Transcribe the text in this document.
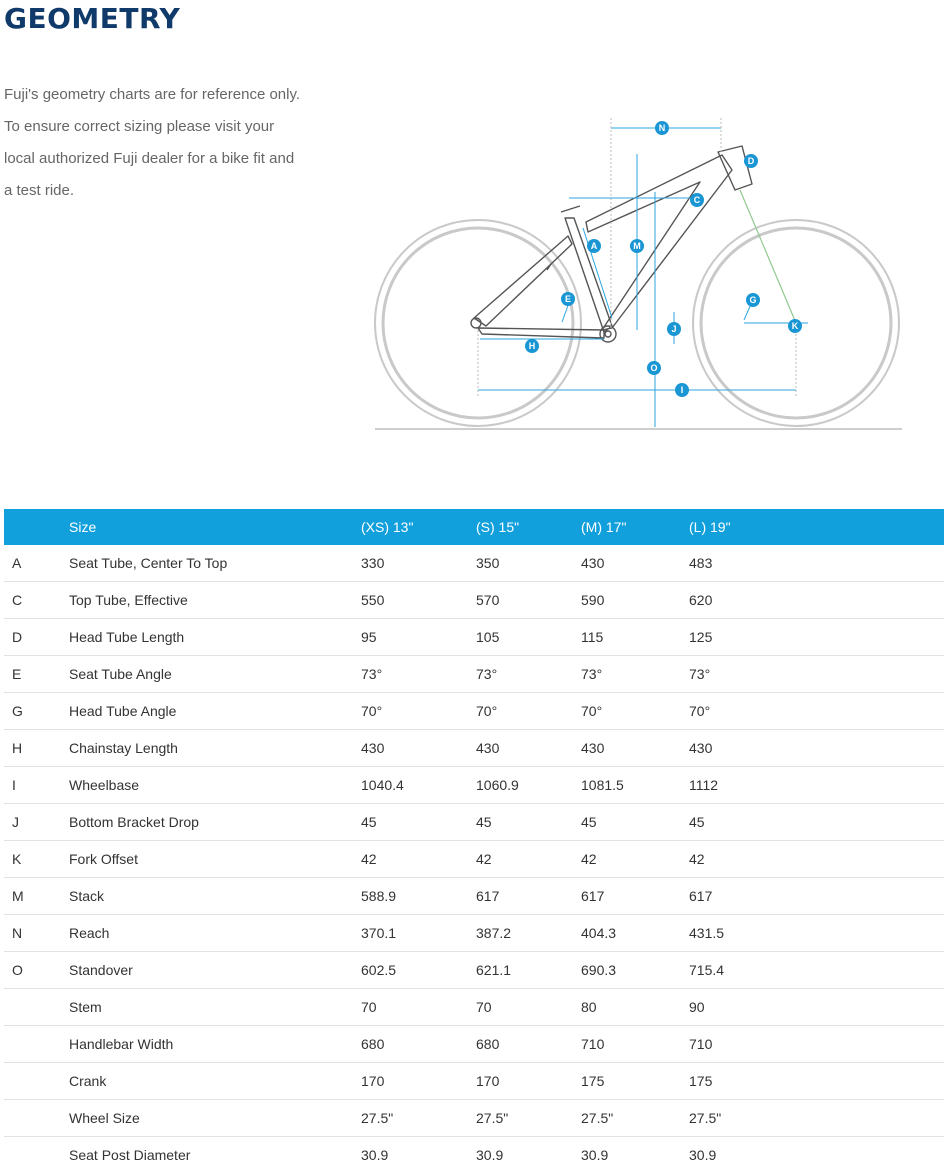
GEOMETRY

Fuji's geometry charts are for reference only. To ensure correct sizing please visit your local authorized Fuji dealer for a bike fit and a test ride.

N
D
C
M
A
E	G
J	K
H
O
I
	Size	(XS) 13"	(S) 15"	(M) 17"	(L) 19"
A	Seat Tube, Center To Top	330	350	430	483
C	Top Tube, Effective	550	570	590	620
D	Head Tube Length	95	105	115	125
E	Seat Tube Angle	73°	73°	73°	73°
G	Head Tube Angle	70°	70°	70°	70°
H	Chainstay Length	430	430	430	430
I	Wheelbase	1040.4	1060.9	1081.5	1112
J	Bottom Bracket Drop	45	45	45	45
K	Fork Offset	42	42	42	42
M	Stack	588.9	617	617	617
N	Reach	370.1	387.2	404.3	431.5
O	Standover	602.5	621.1	690.3	715.4
	Stem	70	70	80	90
	Handlebar Width	680	680	710	710
	Crank	170	170	175	175
	Wheel Size	27.5"	27.5"	27.5"	27.5"
	Seat Post Diameter	30.9	30.9	30.9	30.9
